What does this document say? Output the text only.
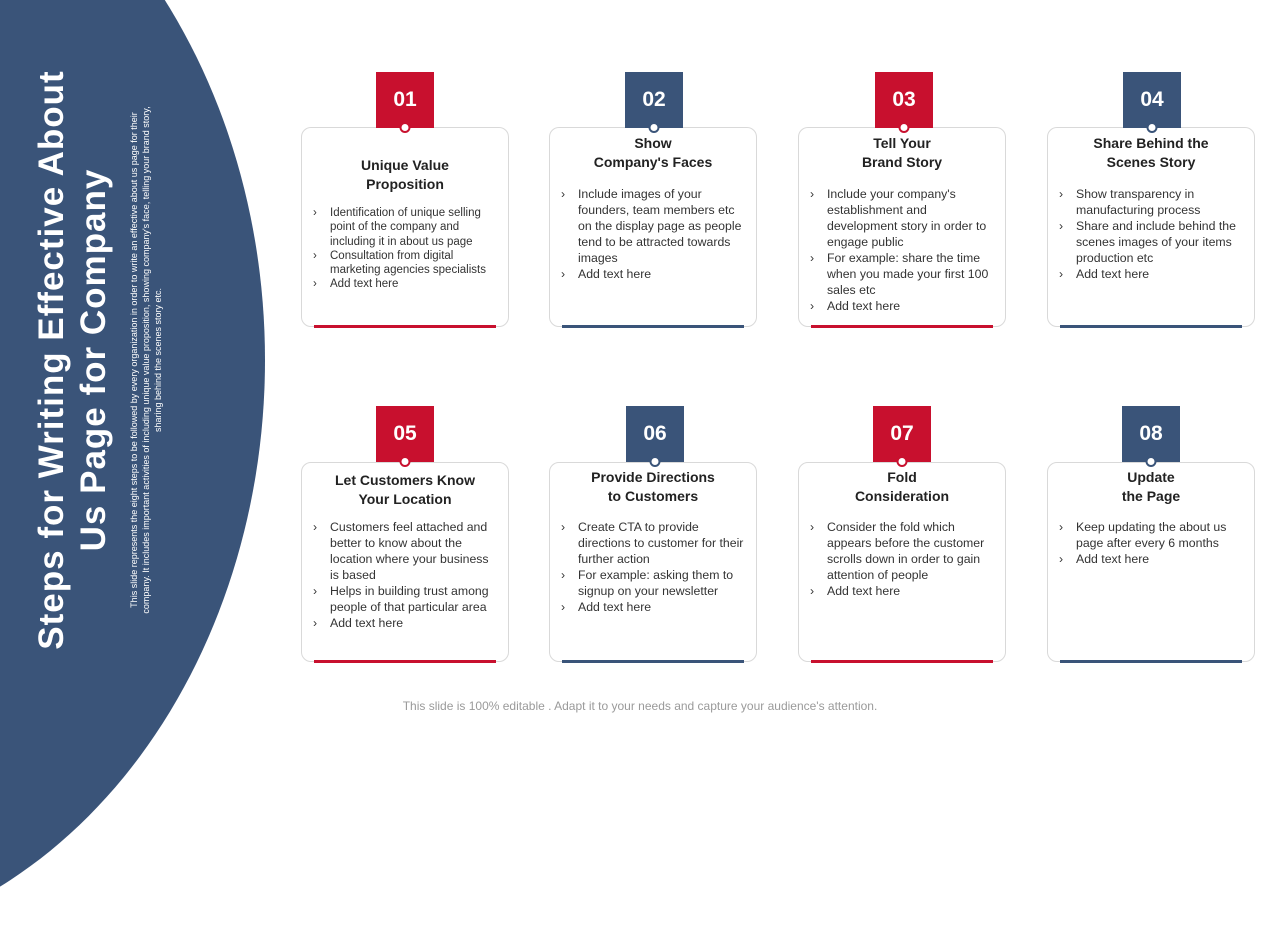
Steps for Writing Effective About Us Page for Company This slide represents the eight steps to be followed by every organization in order to write an effective about us page for their company. It includes important activities of including unique value proposition, showing company's face, telling your brand story, sharing behind the scenes story etc.
Unique Value
Proposition
› Identification of unique selling point of the company and including it in about us page
› Consultation from digital marketing agencies specialists
› Add text here
01
Show
Company's Faces
› Include images of your founders, team members etc on the display page as people tend to be attracted towards images
› Add text here
02
Tell Your
Brand Story
› Include your company's establishment and development story in order to engage public
› For example: share the time when you made your first 100 sales etc
› Add text here
03
Share Behind the
Scenes Story
› Show transparency in manufacturing process
› Share and include behind the scenes images of your items production etc
› Add text here
04
Let Customers Know
Your Location
› Customers feel attached and better to know about the location where your business is based
› Helps in building trust among people of that particular area
› Add text here
05
Provide Directions
to Customers
› Create CTA to provide directions to customer for their further action
› For example: asking them to signup on your newsletter
› Add text here
06
Fold
Consideration
› Consider the fold which appears before the customer scrolls down in order to gain attention of people
› Add text here
07
Update
the Page
› Keep updating the about us page after every 6 months
› Add text here
08
This slide is 100% editable . Adapt it to your needs and capture your audience's attention.
